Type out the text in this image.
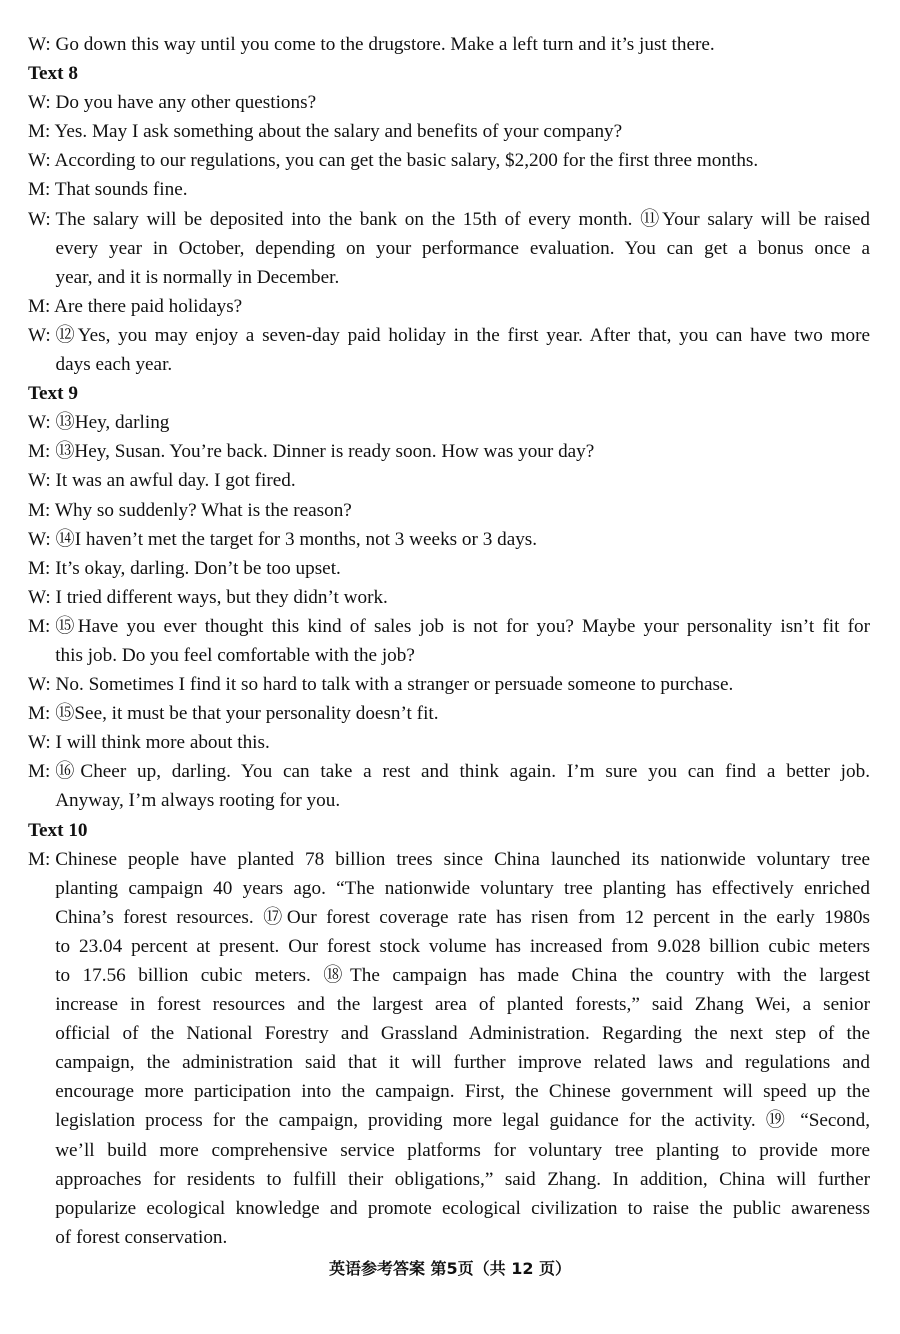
W: Go down this way until you come to the drugstore. Make a left turn and it’s just there.
Text 8
W: Do you have any other questions?
M: Yes. May I ask something about the salary and benefits of your company?
W: According to our regulations, you can get the basic salary, $2,200 for the first three months.
M: That sounds fine.
W: The salary will be deposited into the bank on the 15th of every month. ⑪Your salary will be raised
every year in October, depending on your performance evaluation. You can get a bonus once a
year, and it is normally in December.
M: Are there paid holidays?
W: ⑫Yes, you may enjoy a seven-day paid holiday in the first year. After that, you can have two more
days each year.
Text 9
W: ⑬Hey, darling
M: ⑬Hey, Susan. You’re back. Dinner is ready soon. How was your day?
W: It was an awful day. I got fired.
M: Why so suddenly? What is the reason?
W: ⑭I haven’t met the target for 3 months, not 3 weeks or 3 days.
M: It’s okay, darling. Don’t be too upset.
W: I tried different ways, but they didn’t work.
M: ⑮Have you ever thought this kind of sales job is not for you? Maybe your personality isn’t fit for
this job. Do you feel comfortable with the job?
W: No. Sometimes I find it so hard to talk with a stranger or persuade someone to purchase.
M: ⑮See, it must be that your personality doesn’t fit.
W: I will think more about this.
M: ⑯Cheer up, darling. You can take a rest and think again. I’m sure you can find a better job.
Anyway, I’m always rooting for you.
Text 10
M: Chinese people have planted 78 billion trees since China launched its nationwide voluntary tree
planting campaign 40 years ago. “The nationwide voluntary tree planting has effectively enriched
China’s forest resources. ⑰Our forest coverage rate has risen from 12 percent in the early 1980s
to 23.04 percent at present. Our forest stock volume has increased from 9.028 billion cubic meters
to 17.56 billion cubic meters. ⑱The campaign has made China the country with the largest
increase in forest resources and the largest area of planted forests,” said Zhang Wei, a senior
official of the National Forestry and Grassland Administration. Regarding the next step of the
campaign, the administration said that it will further improve related laws and regulations and
encourage more participation into the campaign. First, the Chinese government will speed up the
legislation process for the campaign, providing more legal guidance for the activity. ⑲ “Second,
we’ll build more comprehensive service platforms for voluntary tree planting to provide more
approaches for residents to fulfill their obligations,” said Zhang. In addition, China will further
popularize ecological knowledge and promote ecological civilization to raise the public awareness
of forest conservation.
英语参考答案 第5页（共 12 页）
